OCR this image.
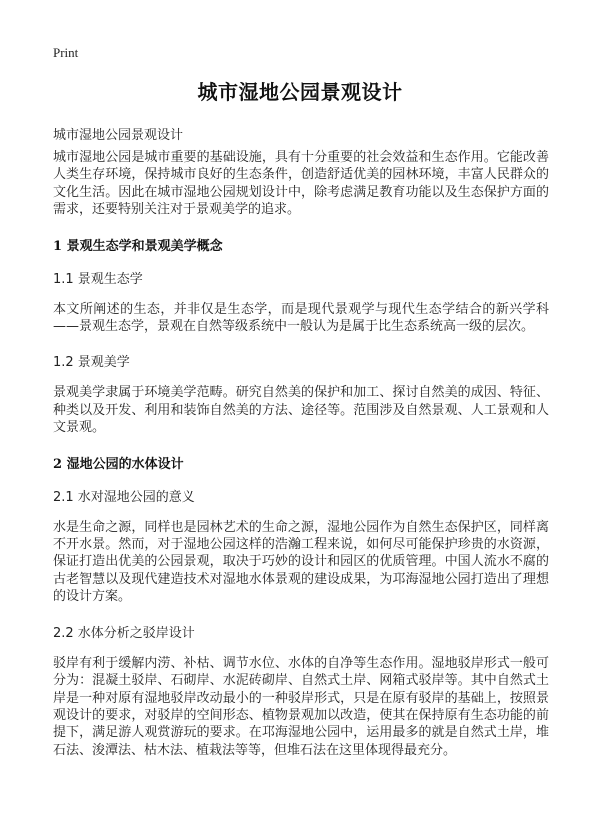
Print
城市湿地公园景观设计
城市湿地公园景观设计

城市湿地公园是城市重要的基础设施，具有十分重要的社会效益和生态作用。它能改善人类生存环境，保持城市良好的生态条件，创造舒适优美的园林环境，丰富人民群众的文化生活。因此在城市湿地公园规划设计中，除考虑满足教育功能以及生态保护方面的需求，还要特别关注对于景观美学的追求。

1 景观生态学和景观美学概念
1.1 景观生态学

本文所阐述的生态，并非仅是生态学，而是现代景观学与现代生态学结合的新兴学科——景观生态学，景观在自然等级系统中一般认为是属于比生态系统高一级的层次。

1.2 景观美学

景观美学隶属于环境美学范畴。研究自然美的保护和加工、探讨自然美的成因、特征、种类以及开发、利用和装饰自然美的方法、途径等。范围涉及自然景观、人工景观和人文景观。

2 湿地公园的水体设计
2.1 水对湿地公园的意义

水是生命之源，同样也是园林艺术的生命之源，湿地公园作为自然生态保护区，同样离不开水景。然而，对于湿地公园这样的浩瀚工程来说，如何尽可能保护珍贵的水资源，保证打造出优美的公园景观，取决于巧妙的设计和园区的优质管理。中国人流水不腐的古老智慧以及现代建造技术对湿地水体景观的建设成果，为邛海湿地公园打造出了理想的设计方案。

2.2 水体分析之驳岸设计

驳岸有利于缓解内涝、补枯、调节水位、水体的自净等生态作用。湿地驳岸形式一般可分为：混凝土驳岸、石砌岸、水泥砖砌岸、自然式土岸、网箱式驳岸等。其中自然式土岸是一种对原有湿地驳岸改动最小的一种驳岸形式，只是在原有驳岸的基础上，按照景观设计的要求，对驳岸的空间形态、植物景观加以改造，使其在保持原有生态功能的前提下，满足游人观赏游玩的要求。在邛海湿地公园中，运用最多的就是自然式土岸，堆石法、浚潭法、枯木法、植栽法等等，但堆石法在这里体现得最充分。
